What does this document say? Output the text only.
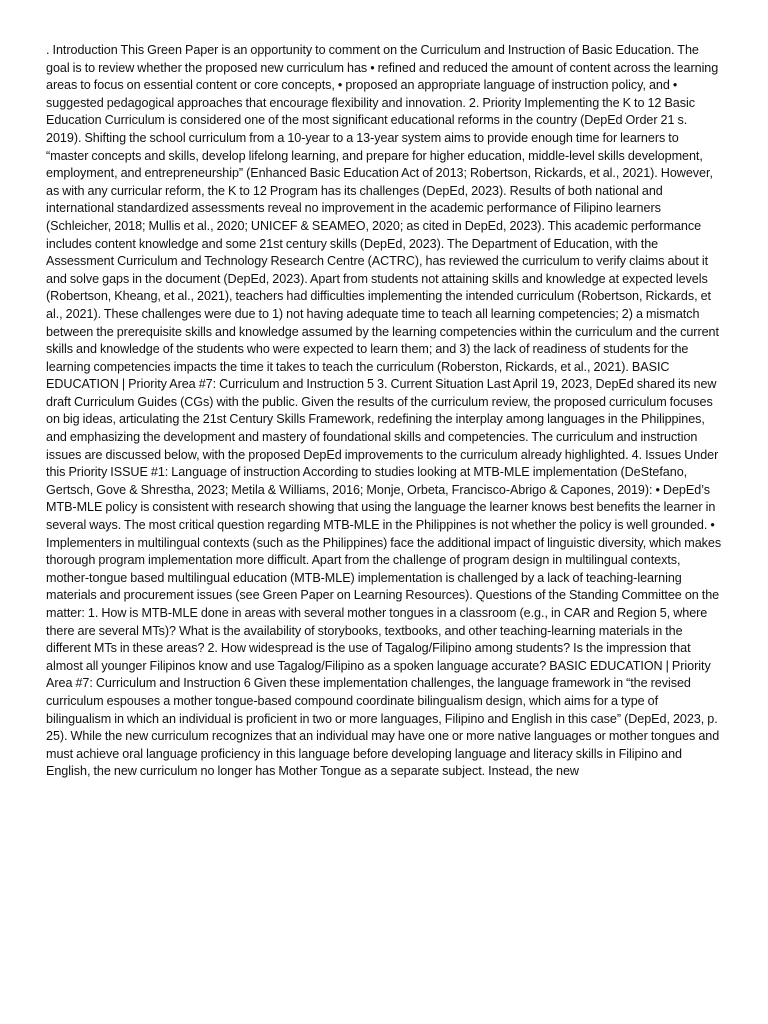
. Introduction This Green Paper is an opportunity to comment on the Curriculum and Instruction of Basic Education. The goal is to review whether the proposed new curriculum has • refined and reduced the amount of content across the learning areas to focus on essential content or core concepts, • proposed an appropriate language of instruction policy, and • suggested pedagogical approaches that encourage flexibility and innovation. 2. Priority Implementing the K to 12 Basic Education Curriculum is considered one of the most significant educational reforms in the country (DepEd Order 21 s. 2019). Shifting the school curriculum from a 10-year to a 13-year system aims to provide enough time for learners to “master concepts and skills, develop lifelong learning, and prepare for higher education, middle-level skills development, employment, and entrepreneurship” (Enhanced Basic Education Act of 2013; Robertson, Rickards, et al., 2021). However, as with any curricular reform, the K to 12 Program has its challenges (DepEd, 2023). Results of both national and international standardized assessments reveal no improvement in the academic performance of Filipino learners (Schleicher, 2018; Mullis et al., 2020; UNICEF & SEAMEO, 2020; as cited in DepEd, 2023). This academic performance includes content knowledge and some 21st century skills (DepEd, 2023). The Department of Education, with the Assessment Curriculum and Technology Research Centre (ACTRC), has reviewed the curriculum to verify claims about it and solve gaps in the document (DepEd, 2023). Apart from students not attaining skills and knowledge at expected levels (Robertson, Kheang, et al., 2021), teachers had difficulties implementing the intended curriculum (Robertson, Rickards, et al., 2021). These challenges were due to 1) not having adequate time to teach all learning competencies; 2) a mismatch between the prerequisite skills and knowledge assumed by the learning competencies within the curriculum and the current skills and knowledge of the students who were expected to learn them; and 3) the lack of readiness of students for the learning competencies impacts the time it takes to teach the curriculum (Roberston, Rickards, et al., 2021). BASIC EDUCATION | Priority Area #7: Curriculum and Instruction 5 3. Current Situation Last April 19, 2023, DepEd shared its new draft Curriculum Guides (CGs) with the public. Given the results of the curriculum review, the proposed curriculum focuses on big ideas, articulating the 21st Century Skills Framework, redefining the interplay among languages in the Philippines, and emphasizing the development and mastery of foundational skills and competencies. The curriculum and instruction issues are discussed below, with the proposed DepEd improvements to the curriculum already highlighted. 4. Issues Under this Priority ISSUE #1: Language of instruction According to studies looking at MTB-MLE implementation (DeStefano, Gertsch, Gove & Shrestha, 2023; Metila & Williams, 2016; Monje, Orbeta, Francisco-Abrigo & Capones, 2019): • DepEd’s MTB-MLE policy is consistent with research showing that using the language the learner knows best benefits the learner in several ways. The most critical question regarding MTB-MLE in the Philippines is not whether the policy is well grounded. • Implementers in multilingual contexts (such as the Philippines) face the additional impact of linguistic diversity, which makes thorough program implementation more difficult. Apart from the challenge of program design in multilingual contexts, mother-tongue based multilingual education (MTB-MLE) implementation is challenged by a lack of teaching-learning materials and procurement issues (see Green Paper on Learning Resources). Questions of the Standing Committee on the matter: 1. How is MTB-MLE done in areas with several mother tongues in a classroom (e.g., in CAR and Region 5, where there are several MTs)? What is the availability of storybooks, textbooks, and other teaching-learning materials in the different MTs in these areas? 2. How widespread is the use of Tagalog/Filipino among students? Is the impression that almost all younger Filipinos know and use Tagalog/Filipino as a spoken language accurate? BASIC EDUCATION | Priority Area #7: Curriculum and Instruction 6 Given these implementation challenges, the language framework in “the revised curriculum espouses a mother tongue-based compound coordinate bilingualism design, which aims for a type of bilingualism in which an individual is proficient in two or more languages, Filipino and English in this case” (DepEd, 2023, p. 25). While the new curriculum recognizes that an individual may have one or more native languages or mother tongues and must achieve oral language proficiency in this language before developing language and literacy skills in Filipino and English, the new curriculum no longer has Mother Tongue as a separate subject. Instead, the new
